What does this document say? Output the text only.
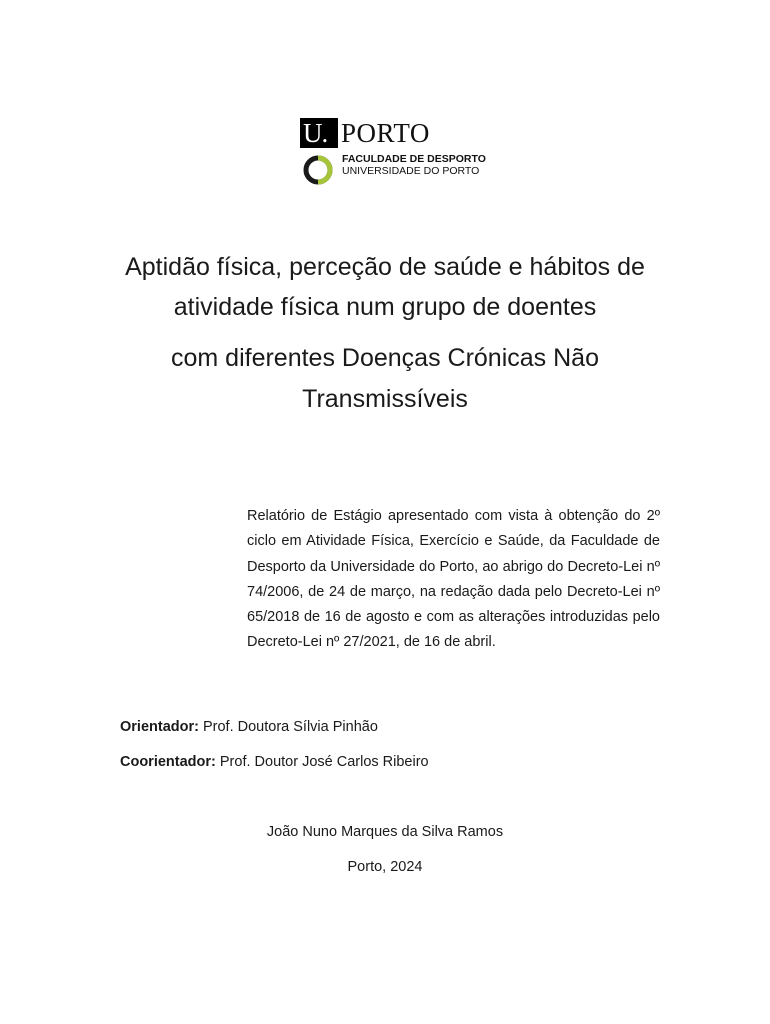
U. PORTO
FACULDADE DE DESPORTO
UNIVERSIDADE DO PORTO
Aptidão física, perceção de saúde e hábitos de
atividade física num grupo de doentes
com diferentes Doenças Crónicas Não
Transmissíveis
Relatório de Estágio apresentado com vista à obtenção do 2º ciclo em Atividade Física, Exercício e Saúde, da Faculdade de Desporto da Universidade do Porto, ao abrigo do Decreto-Lei nº 74/2006, de 24 de março, na redação dada pelo Decreto-Lei nº 65/2018 de 16 de agosto e com as alterações introduzidas pelo Decreto-Lei nº 27/2021, de 16 de abril.
Orientador: Prof. Doutora Sílvia Pinhão
Coorientador: Prof. Doutor José Carlos Ribeiro
João Nuno Marques da Silva Ramos
Porto, 2024
